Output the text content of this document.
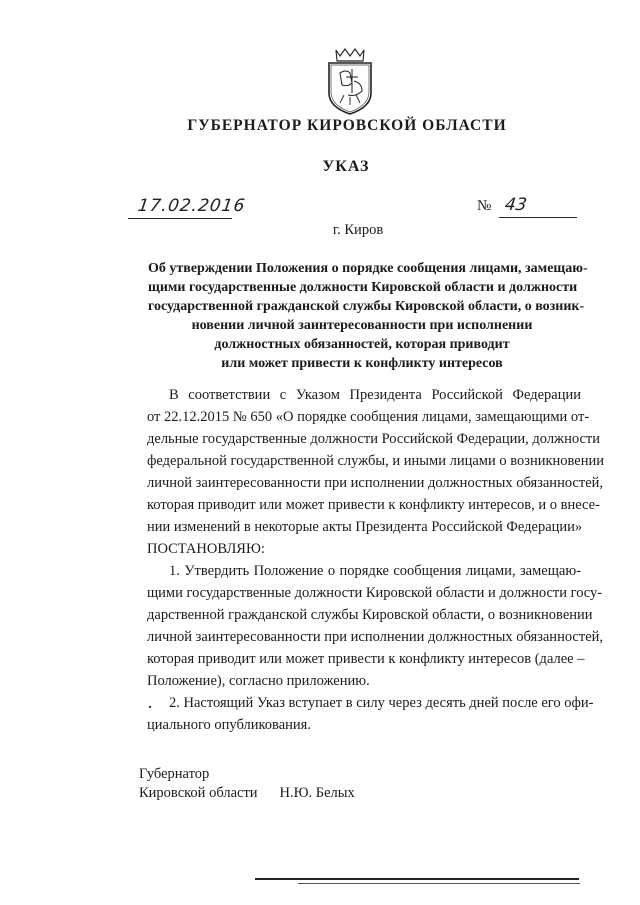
ГУБЕРНАТОР КИРОВСКОЙ ОБЛАСТИ
УКАЗ
17.02.2016	№ 43
г. Киров
Об утверждении Положения о порядке сообщения лицами, замещаю-
щими государственные должности Кировской области и должности
государственной гражданской службы Кировской области, о возник-
новении личной заинтересованности при исполнении
должностных обязанностей, которая приводит
или может привести к конфликту интересов
В соответствии с Указом Президента Российской Федерации
от 22.12.2015 № 650 «О порядке сообщения лицами, замещающими от-
дельные государственные должности Российской Федерации, должности
федеральной государственной службы, и иными лицами о возникновении
личной заинтересованности при исполнении должностных обязанностей,
которая приводит или может привести к конфликту интересов, и о внесе-
нии изменений в некоторые акты Президента Российской Федерации»
ПОСТАНОВЛЯЮ:
1. Утвердить Положение о порядке сообщения лицами, замещаю-
щими государственные должности Кировской области и должности госу-
дарственной гражданской службы Кировской области, о возникновении
личной заинтересованности при исполнении должностных обязанностей,
которая приводит или может привести к конфликту интересов (далее –
Положение), согласно приложению.
2. Настоящий Указ вступает в силу через десять дней после его офи-
циального опубликования.
Губернатор
Кировской области Н.Ю. Белых
